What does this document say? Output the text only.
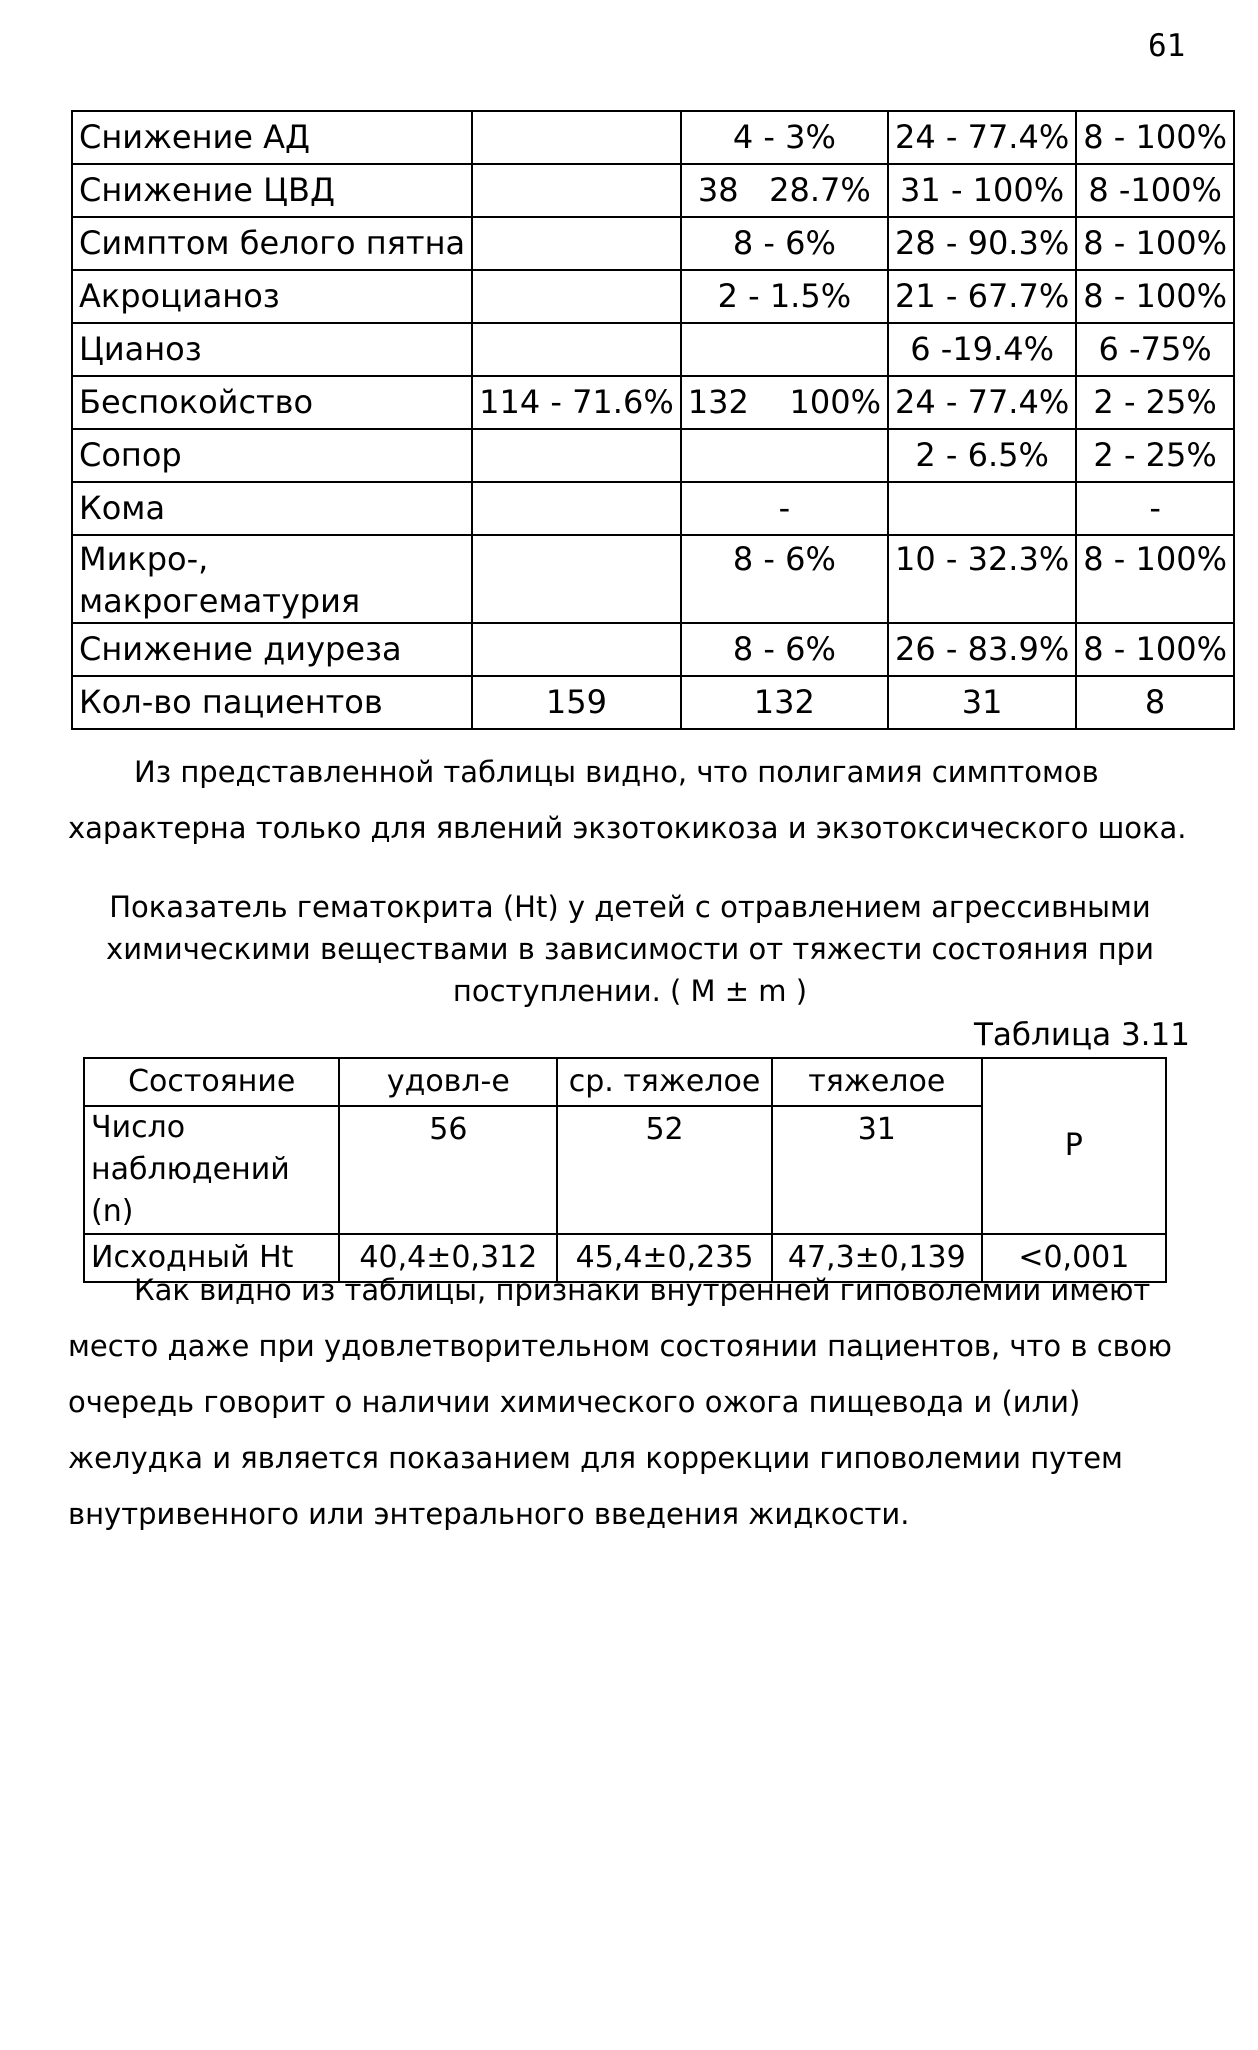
61
Снижение АД		4 - 3%	24 - 77.4%	8 - 100%
Снижение ЦВД		38   28.7%	31 - 100%	8 -100%
Симптом белого пятна		8 - 6%	28 - 90.3%	8 - 100%
Акроцианоз		2 - 1.5%	21 - 67.7%	8 - 100%
Цианоз			6 -19.4%	6 -75%
Беспокойство	114 - 71.6%	132    100%	24 - 77.4%	2 - 25%
Сопор			2 - 6.5%	2 - 25%
Кома		-		-
Микро-,
макрогематурия		8 - 6%	10 - 32.3%	8 - 100%
Снижение диуреза		8 - 6%	26 - 83.9%	8 - 100%
Кол-во пациентов	159	132	31	8
Из представленной таблицы видно, что полигамия симптомов
характерна только для явлений экзотокикоза и экзотоксического шока.
Показатель гематокрита (Ht) у детей с отравлением агрессивными
химическими веществами в зависимости от тяжести состояния при
поступлении. ( M ± m )
Таблица 3.11
Состояние	удовл-е	ср. тяжелое	тяжелое	P
Число
наблюдений (n)	56	52	31	
Исходный Ht	40,4±0,312	45,4±0,235	47,3±0,139	<0,001

Как видно из таблицы, признаки внутренней гиповолемии имеют

место даже при удовлетворительном состоянии пациентов, что в свою

очередь говорит о наличии химического ожога пищевода и (или)

желудка и является показанием для коррекции гиповолемии путем

внутривенного или энтерального введения жидкости.
